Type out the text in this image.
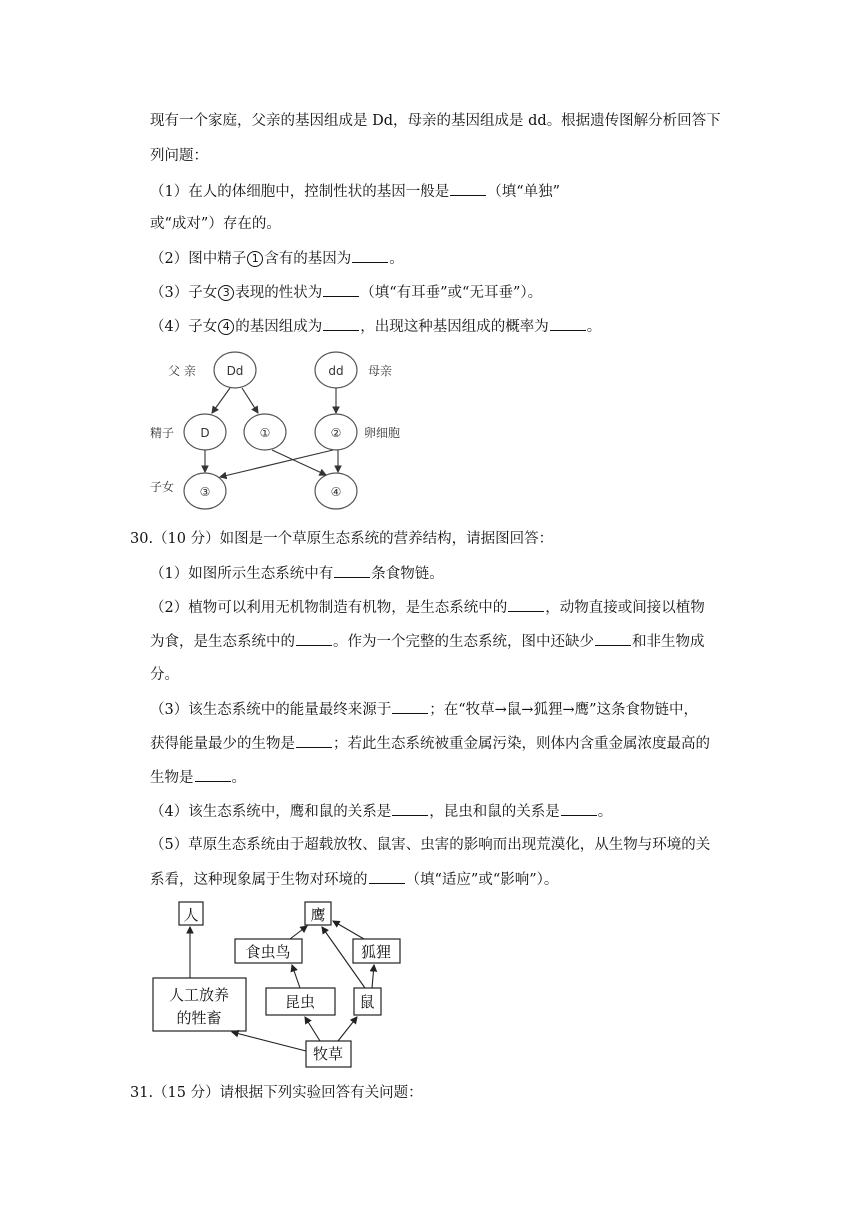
现有一个家庭，父亲的基因组成是 Dd，母亲的基因组成是 dd。根据遗传图解分析回答下
列问题：
（1）在人的体细胞中，控制性状的基因一般是	（填“单独”
或“成对”）存在的。
（2）图中精子 1 含有的基因为	。
（3）子女 3 表现的性状为	（填“有耳垂”或“无耳垂”）。
（4）子女 4 的基因组成为	，出现这种基因组成的概率为	。
父 亲	母亲
精子	卵细胞
子女
Dd	dd
D	①	②
③	④
30.（10 分）如图是一个草原生态系统的营养结构，请据图回答：
（1）如图所示生态系统中有	条食物链。
（2）植物可以利用无机物制造有机物，是生态系统中的	，动物直接或间接以植物
为食，是生态系统中的	。作为一个完整的生态系统，图中还缺少	和非生物成
分。
（3）该生态系统中的能量最终来源于	；在“牧草→鼠→狐狸→鹰”这条食物链中，
获得能量最少的生物是	；若此生态系统被重金属污染，则体内含重金属浓度最高的
生物是	。
（4）该生态系统中，鹰和鼠的关系是	，昆虫和鼠的关系是	。
（5）草原生态系统由于超载放牧、鼠害、虫害的影响而出现荒漠化，从生物与环境的关
系看，这种现象属于生物对环境的	（填“适应”或“影响”）。
人	鹰
食虫鸟	狐狸
人工放养
的牲畜
昆虫	鼠
牧草
31.（15 分）请根据下列实验回答有关问题：
